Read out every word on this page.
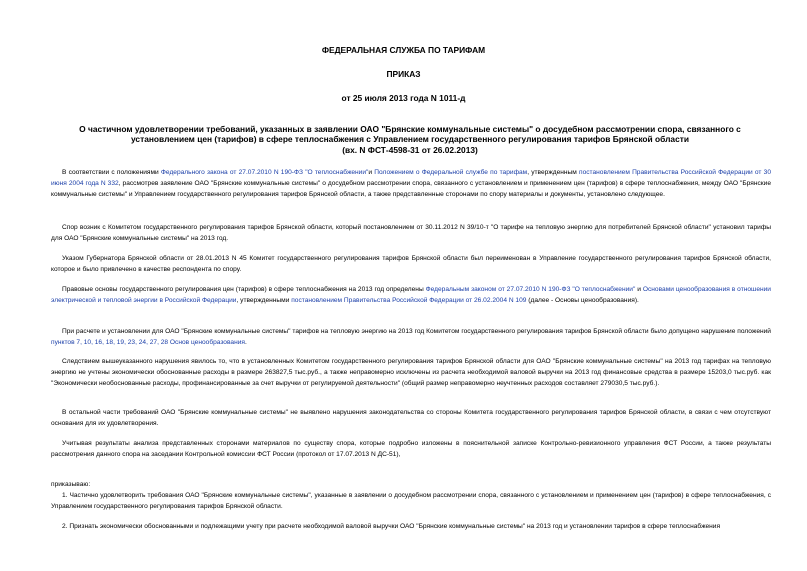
ФЕДЕРАЛЬНАЯ СЛУЖБА ПО ТАРИФАМ
ПРИКАЗ
от 25 июля 2013 года N 1011-д
О частичном удовлетворении требований, указанных в заявлении ОАО "Брянские коммунальные системы" о досудебном рассмотрении спора, связанного с
установлением цен (тарифов) в сфере теплоснабжения с Управлением государственного регулирования тарифов Брянской области
(вх. N ФСТ-4598-31 от 26.02.2013)

В соответствии с положениями Федерального закона от 27.07.2010 N 190-ФЗ "О теплоснабжении"и Положением о Федеральной службе по тарифам, утвержденным постановлением Правительства Российской Федерации от 30 июня 2004 года N 332, рассмотрев заявление ОАО "Брянские коммунальные системы" о досудебном рассмотрении спора, связанного с установлением и применением цен (тарифов) в сфере теплоснабжения, между ОАО "Брянские коммунальные системы" и Управлением государственного регулирования тарифов Брянской области, а также представленные сторонами по спору материалы и документы, установлено следующее.

Спор возник с Комитетом государственного регулирования тарифов Брянской области, который постановлением от 30.11.2012 N 39/10-т "О тарифе на тепловую энергию для потребителей Брянской области" установил тарифы для ОАО "Брянские коммунальные системы" на 2013 год.

Указом Губернатора Брянской области от 28.01.2013 N 45 Комитет государственного регулирования тарифов Брянской области был переименован в Управление государственного регулирования тарифов Брянской области, которое и было привлечено в качестве респондента по спору.

Правовые основы государственного регулирования цен (тарифов) в сфере теплоснабжения на 2013 год определены Федеральным законом от 27.07.2010 N 190-ФЗ "О теплоснабжении" и Основами ценообразования в отношении электрической и тепловой энергии в Российской Федерации, утвержденными постановлением Правительства Российской Федерации от 26.02.2004 N 109 (далее - Основы ценообразования).

При расчете и установлении для ОАО "Брянские коммунальные системы" тарифов на тепловую энергию на 2013 год Комитетом государственного регулирования тарифов Брянской области было допущено нарушение положений пунктов 7, 10, 16, 18, 19, 23, 24, 27, 28 Основ ценообразования.

Следствием вышеуказанного нарушения явилось то, что в установленных Комитетом государственного регулирования тарифов Брянской области для ОАО "Брянские коммунальные системы" на 2013 год тарифах на тепловую энергию не учтены экономически обоснованные расходы в размере 263827,5 тыс.руб., а также неправомерно исключены из расчета необходимой валовой выручки на 2013 год финансовые средства в размере 15203,0 тыс.руб. как "Экономически необоснованные расходы, профинансированные за счет выручки от регулируемой деятельности" (общий размер неправомерно неучтенных расходов составляет 279030,5 тыс.руб.).

В остальной части требований ОАО "Брянские коммунальные системы" не выявлено нарушения законодательства со стороны Комитета государственного регулирования тарифов Брянской области, в связи с чем отсутствуют основания для их удовлетворения.

Учитывая результаты анализа представленных сторонами материалов по существу спора, которые подробно изложены в пояснительной записке Контрольно-ревизионного управления ФСТ России, а также результаты рассмотрения данного спора на заседании Контрольной комиссии ФСТ России (протокол от 17.07.2013 N ДС-51),

приказываю:

1. Частично удовлетворить требования ОАО "Брянские коммунальные системы", указанные в заявлении о досудебном рассмотрении спора, связанного с установлением и применением цен (тарифов) в сфере теплоснабжения, с Управлением государственного регулирования тарифов Брянской области.

2. Признать экономически обоснованными и подлежащими учету при расчете необходимой валовой выручки ОАО "Брянские коммунальные системы" на 2013 год и установлении тарифов в сфере теплоснабжения
